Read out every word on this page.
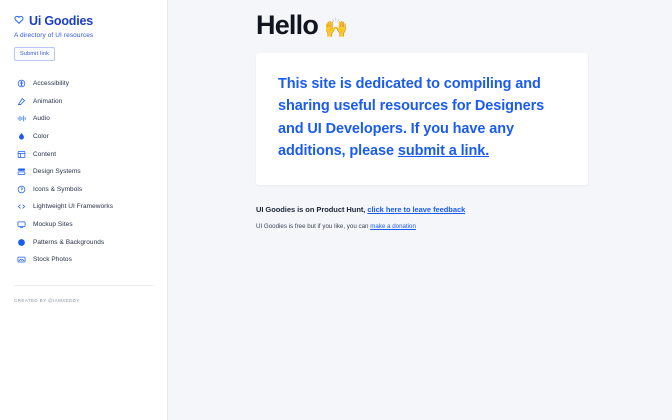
Ui Goodies
A directory of UI resources
Submit link
Accessibility
Animation
Audio
Color
Content
Design Systems
Icons & Symbols
Lightweight UI Frameworks
Mockup Sites
Patterns & Backgrounds
Stock Photos
CREATED BY @IAMSEEDY
Hello 🙌

This site is dedicated to compiling and sharing useful resources for Designers and UI Developers. If you have any additions, please submit a link.

UI Goodies is on Product Hunt, click here to leave feedback
UI Goodies is free but if you like, you can make a donation
